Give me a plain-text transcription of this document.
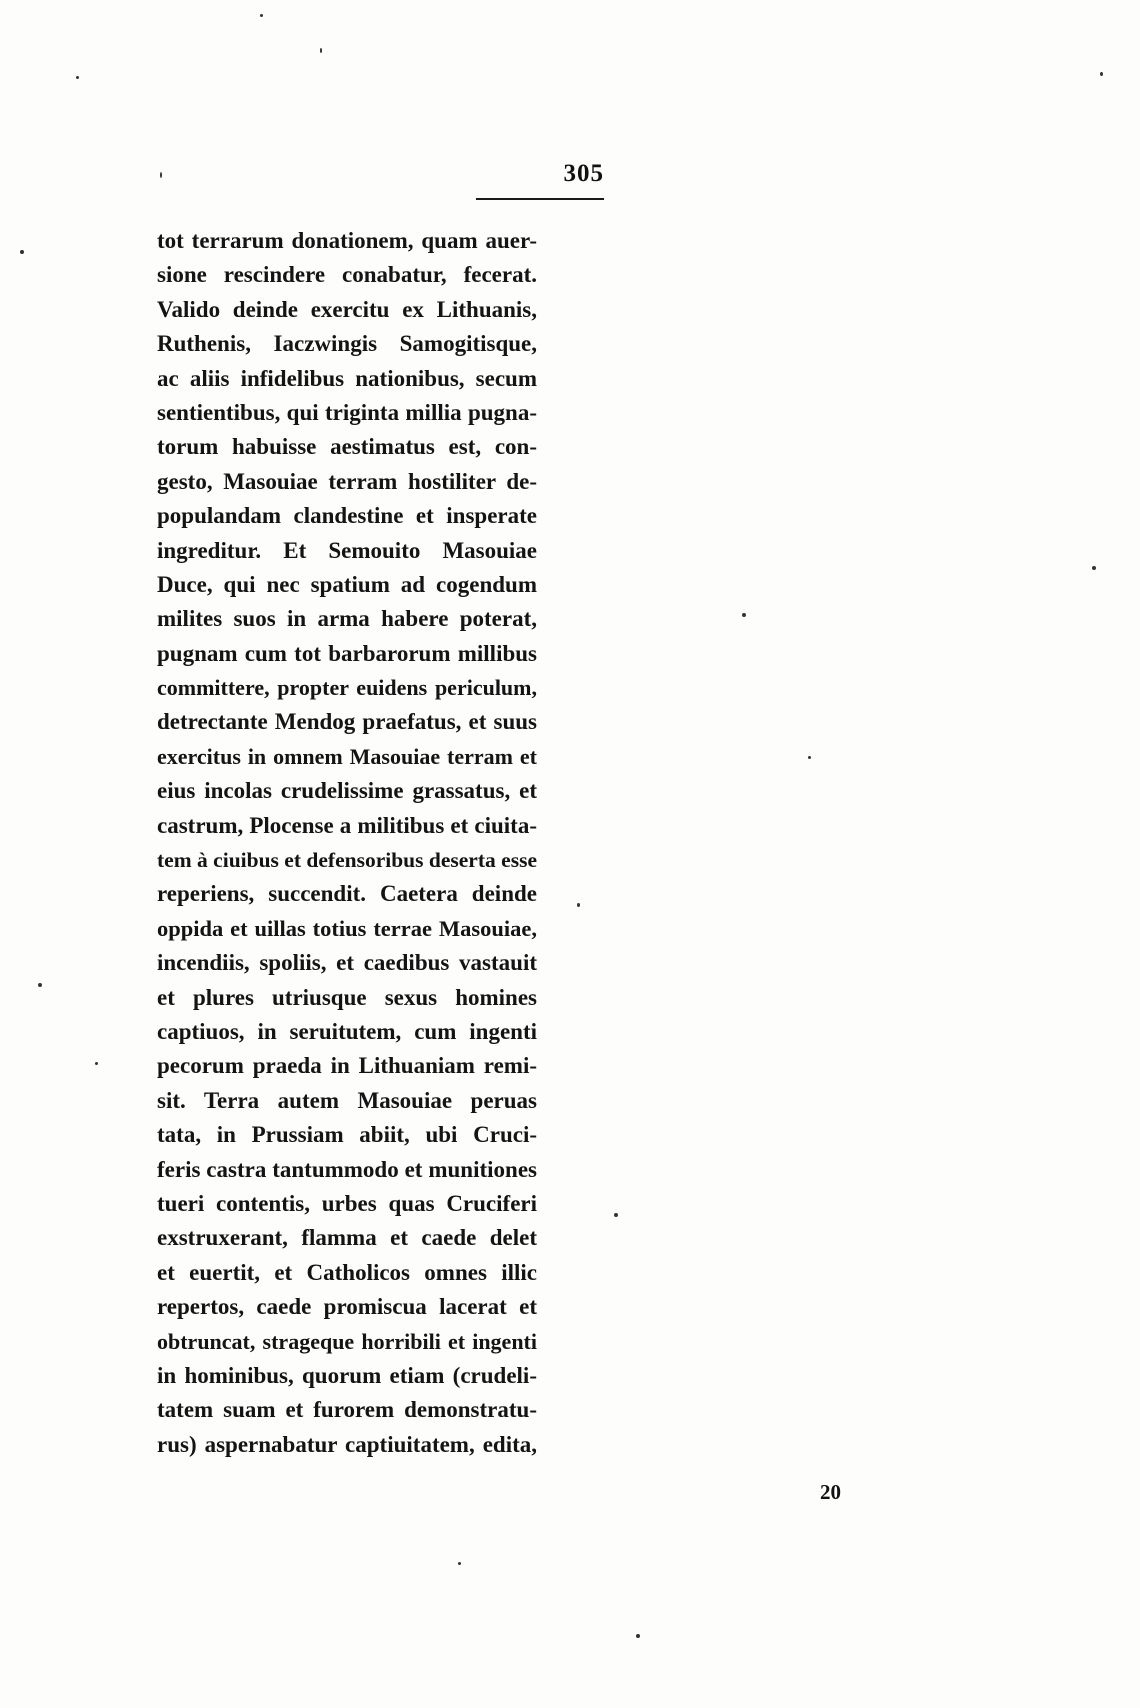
305
tot terrarum donationem, quam auer-
sione rescindere conabatur, fecerat.
Valido deinde exercitu ex Lithuanis,
Ruthenis, Iaczwingis Samogitisque,
ac aliis infidelibus nationibus, secum
sentientibus, qui triginta millia pugna-
torum habuisse aestimatus est, con-
gesto, Masouiae terram hostiliter de-
populandam clandestine et insperate
ingreditur. Et Semouito Masouiae
Duce, qui nec spatium ad cogendum
milites suos in arma habere poterat,
pugnam cum tot barbarorum millibus
committere, propter euidens periculum,
detrectante Mendog praefatus, et suus
exercitus in omnem Masouiae terram et
eius incolas crudelissime grassatus, et
castrum, Plocense a militibus et ciuita-
tem à ciuibus et defensoribus deserta esse
reperiens, succendit. Caetera deinde
oppida et uillas totius terrae Masouiae,
incendiis, spoliis, et caedibus vastauit
et plures utriusque sexus homines
captiuos, in seruitutem, cum ingenti
pecorum praeda in Lithuaniam remi-
sit. Terra autem Masouiae peruas
tata, in Prussiam abiit, ubi Cruci-
feris castra tantummodo et munitiones
tueri contentis, urbes quas Cruciferi
exstruxerant, flamma et caede delet
et euertit, et Catholicos omnes illic
repertos, caede promiscua lacerat et
obtruncat, strageque horribili et ingenti
in hominibus, quorum etiam (crudeli-
tatem suam et furorem demonstratu-
rus) aspernabatur captiuitatem, edita,
20
